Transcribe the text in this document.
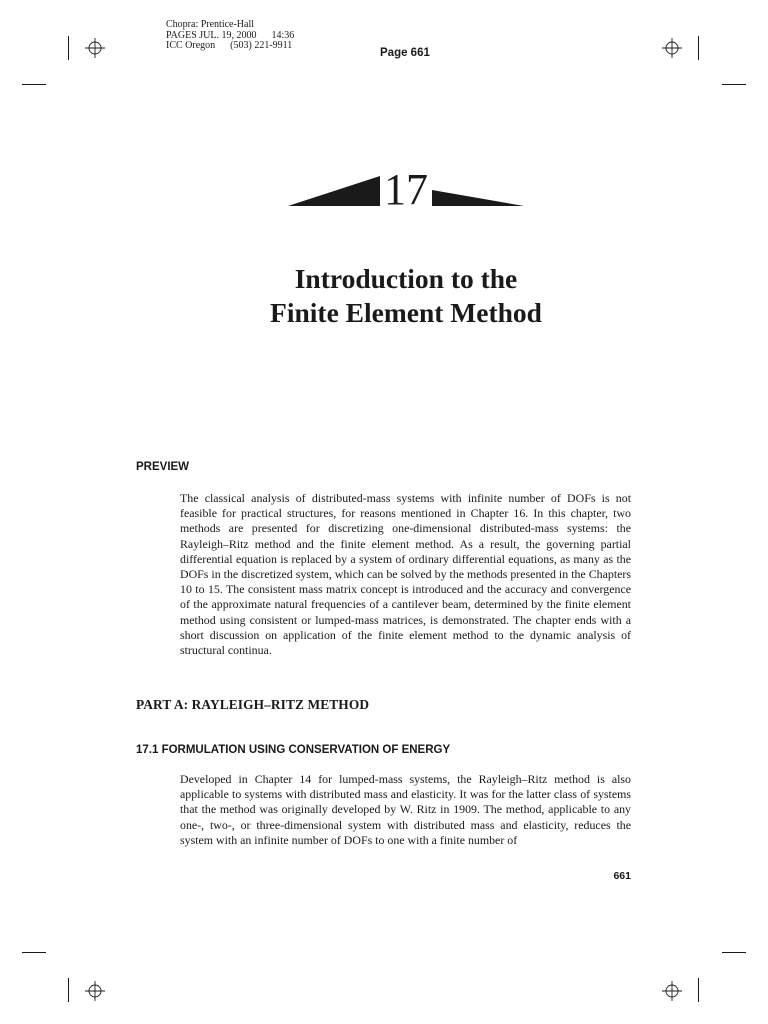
Chopra: Prentice-Hall
PAGES JUL. 19, 2000      14:36
ICC Oregon      (503) 221-9911
Page 661
17
Introduction to the
Finite Element Method
PREVIEW
The classical analysis of distributed-mass systems with infinite number of DOFs is not feasible for practical structures, for reasons mentioned in Chapter 16. In this chapter, two methods are presented for discretizing one-dimensional distributed-mass systems: the Rayleigh–Ritz method and the finite element method. As a result, the governing partial differential equation is replaced by a system of ordinary differential equations, as many as the DOFs in the discretized system, which can be solved by the methods presented in the Chapters 10 to 15. The consistent mass matrix concept is introduced and the accuracy and convergence of the approximate natural frequencies of a cantilever beam, determined by the finite element method using consistent or lumped-mass matrices, is demonstrated. The chapter ends with a short discussion on application of the finite element method to the dynamic analysis of structural continua.
PART A: RAYLEIGH–RITZ METHOD
17.1 FORMULATION USING CONSERVATION OF ENERGY
Developed in Chapter 14 for lumped-mass systems, the Rayleigh–Ritz method is also applicable to systems with distributed mass and elasticity. It was for the latter class of systems that the method was originally developed by W. Ritz in 1909. The method, applicable to any one-, two-, or three-dimensional system with distributed mass and elasticity, reduces the system with an infinite number of DOFs to one with a finite number of
661
